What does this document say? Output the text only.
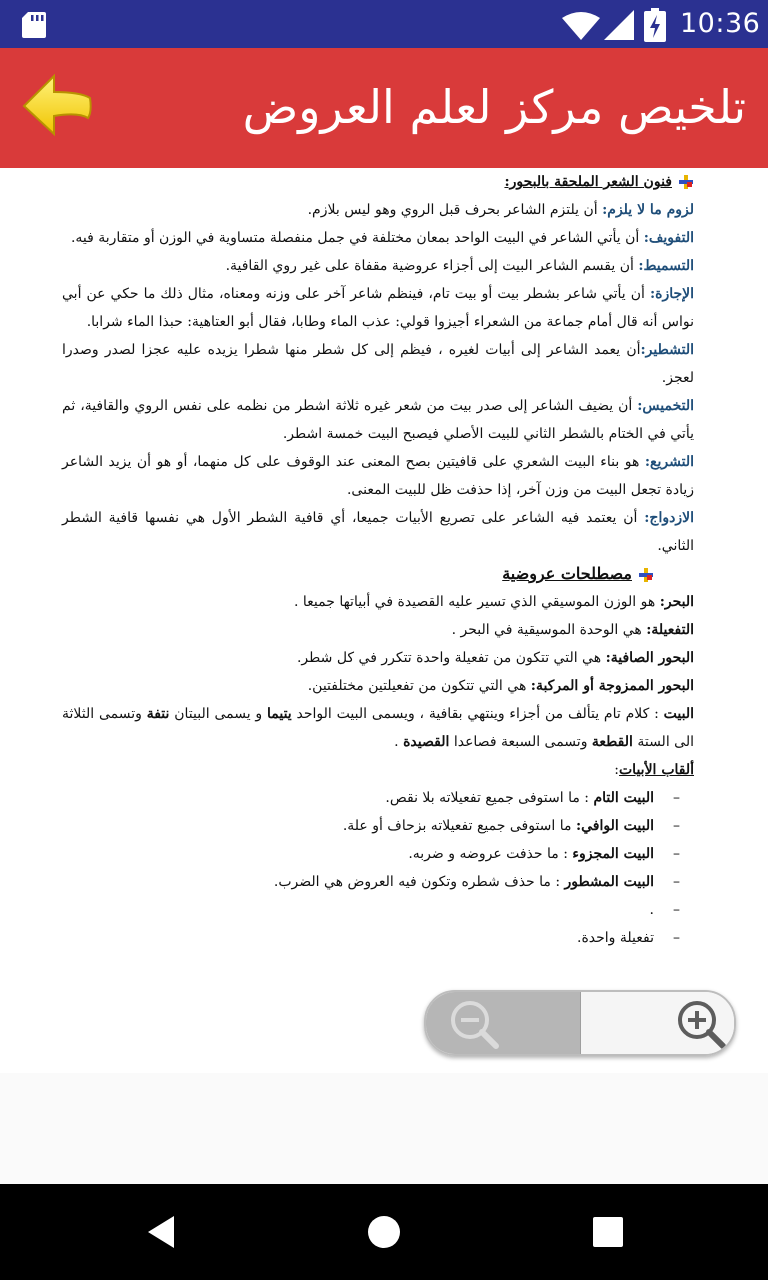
10:36
تلخيص مركز لعلم العروض

فنون الشعر الملحقة بالبحور:

لزوم ما لا يلزم: أن يلتزم الشاعر بحرف قبل الروي وهو ليس بلازم.

التفويف: أن يأتي الشاعر في البيت الواحد بمعان مختلفة في جمل منفصلة متساوية في الوزن أو متقاربة فيه.

التسميط: أن يقسم الشاعر البيت إلى أجزاء عروضية مقفاة على غير روي القافية.

الإجازة: أن يأتي شاعر بشطر بيت أو بيت تام، فينظم شاعر آخر على وزنه ومعناه، مثال ذلك ما حكي عن أبي نواس أنه قال أمام جماعة من الشعراء أجيزوا قولي: عذب الماء وطابا، فقال أبو العتاهية: حبذا الماء شرابا.

التشطير:أن يعمد الشاعر إلى أبيات لغيره ، فيظم إلى كل شطر منها شطرا يزيده عليه عجزا لصدر وصدرا لعجز.

التخميس: أن يضيف الشاعر إلى صدر بيت من شعر غيره ثلاثة اشطر من نظمه على نفس الروي والقافية، ثم يأتي في الختام بالشطر الثاني للبيت الأصلي فيصبح البيت خمسة اشطر.

التشريع: هو بناء البيت الشعري على قافيتين بصح المعنى عند الوقوف على كل منهما، أو هو أن يزيد الشاعر زيادة تجعل البيت من وزن آخر، إذا حذفت ظل للبيت المعنى.

الازدواج: أن يعتمد فيه الشاعر على تصريع الأبيات جميعا، أي قافية الشطر الأول هي نفسها قافية الشطر الثاني.

مصطلحات عروضية

البحر: هو الوزن الموسيقي الذي تسير عليه القصيدة في أبياتها جميعا .

التفعيلة: هي الوحدة الموسيقية في البحر .

البحور الصافية: هي التي تتكون من تفعيلة واحدة تتكرر في كل شطر.

البحور الممزوجة أو المركبة: هي التي تتكون من تفعيلتين مختلفتين.

البيت : كلام تام يتألف من أجزاء وينتهي بقافية ، ويسمى البيت الواحد يتيما و يسمى البيتان نتفة وتسمى الثلاثة الى الستة القطعة وتسمى السبعة فصاعدا القصيدة .

ألقاب الأبيات:

– البيت التام : ما استوفى جميع تفعيلاته بلا نقص.

– البيت الوافي: ما استوفى جميع تفعيلاته بزحاف أو علة.

– البيت المجزوء : ما حذفت عروضه و ضربه.

– البيت المشطور : ما حذف شطره وتكون فيه العروض هي الضرب.

– .

– تفعيلة واحدة.
